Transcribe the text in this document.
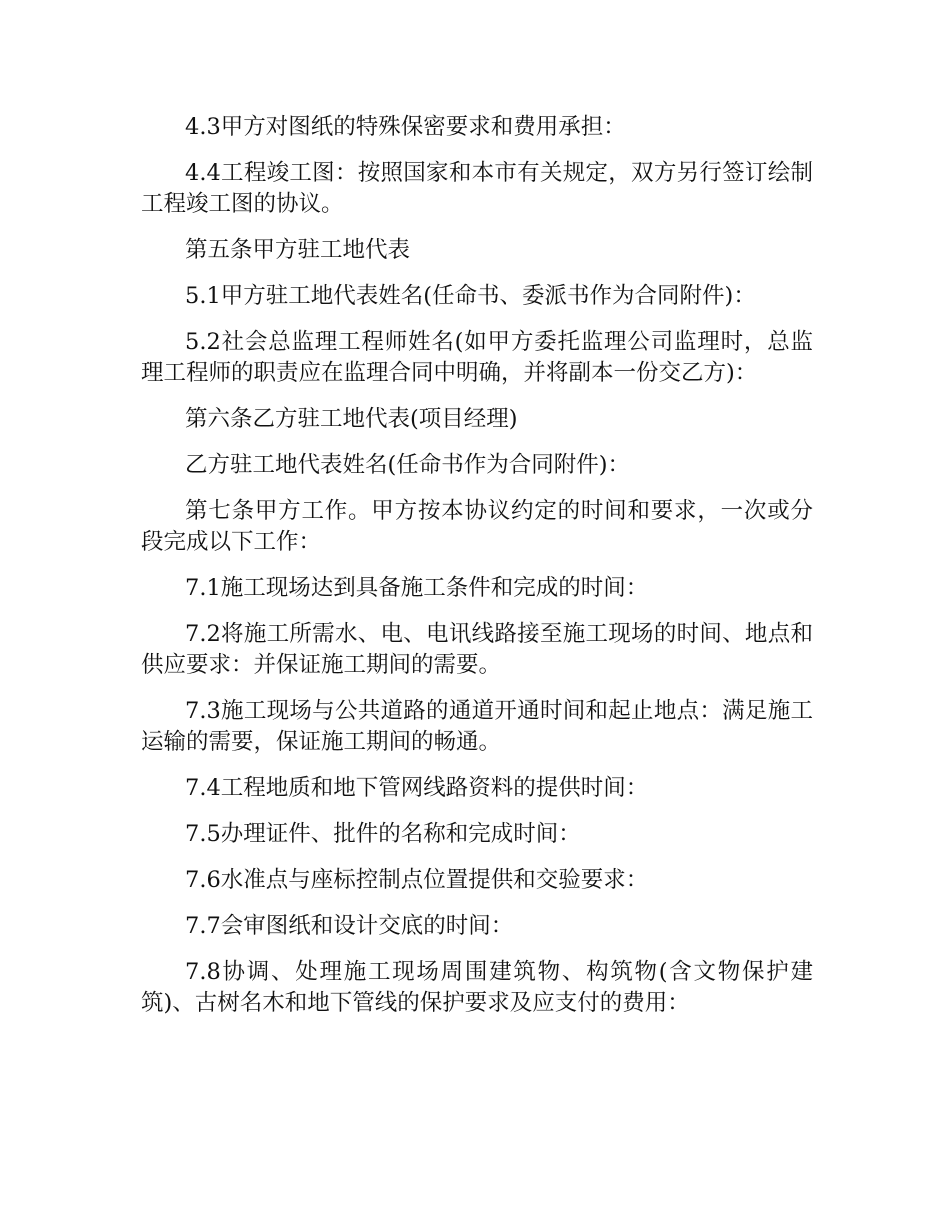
4.3甲方对图纸的特殊保密要求和费用承担：

4.4工程竣工图：按照国家和本市有关规定，双方另行签订绘制工程竣工图的协议。

第五条甲方驻工地代表

5.1甲方驻工地代表姓名(任命书、委派书作为合同附件)：

5.2社会总监理工程师姓名(如甲方委托监理公司监理时，总监理工程师的职责应在监理合同中明确，并将副本一份交乙方)：

第六条乙方驻工地代表(项目经理)

乙方驻工地代表姓名(任命书作为合同附件)：

第七条甲方工作。甲方按本协议约定的时间和要求，一次或分段完成以下工作：

7.1施工现场达到具备施工条件和完成的时间：

7.2将施工所需水、电、电讯线路接至施工现场的时间、地点和供应要求：并保证施工期间的需要。

7.3施工现场与公共道路的通道开通时间和起止地点：满足施工运输的需要，保证施工期间的畅通。

7.4工程地质和地下管网线路资料的提供时间：

7.5办理证件、批件的名称和完成时间：

7.6水准点与座标控制点位置提供和交验要求：

7.7会审图纸和设计交底的时间：

7.8协调、处理施工现场周围建筑物、构筑物(含文物保护建筑)、古树名木和地下管线的保护要求及应支付的费用：
